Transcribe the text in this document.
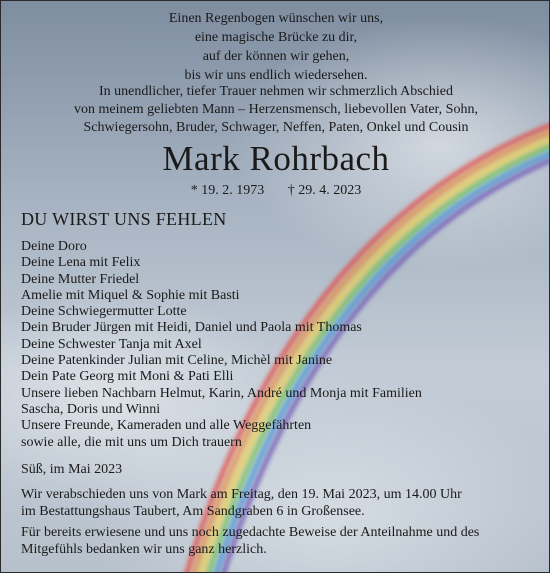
Einen Regenbogen wünschen wir uns,
eine magische Brücke zu dir,
auf der können wir gehen,
bis wir uns endlich wiedersehen.
In unendlicher, tiefer Trauer nehmen wir schmerzlich Abschied
von meinem geliebten Mann – Herzensmensch, liebevollen Vater, Sohn,
Schwiegersohn, Bruder, Schwager, Neffen, Paten, Onkel und Cousin
Mark Rohrbach
* 19. 2. 1973 † 29. 4. 2023
DU WIRST UNS FEHLEN
Deine Doro
Deine Lena mit Felix
Deine Mutter Friedel
Amelie mit Miquel & Sophie mit Basti
Deine Schwiegermutter Lotte
Dein Bruder Jürgen mit Heidi, Daniel und Paola mit Thomas
Deine Schwester Tanja mit Axel
Deine Patenkinder Julian mit Celine, Michèl mit Janine
Dein Pate Georg mit Moni & Pati Elli
Unsere lieben Nachbarn Helmut, Karin, André und Monja mit Familien
Sascha, Doris und Winni
Unsere Freunde, Kameraden und alle Weggefährten
sowie alle, die mit uns um Dich trauern
Süß, im Mai 2023
Wir verabschieden uns von Mark am Freitag, den 19. Mai 2023, um 14.00 Uhr
im Bestattungshaus Taubert, Am Sandgraben 6 in Großensee.
Für bereits erwiesene und uns noch zugedachte Beweise der Anteilnahme und des
Mitgefühls bedanken wir uns ganz herzlich.
